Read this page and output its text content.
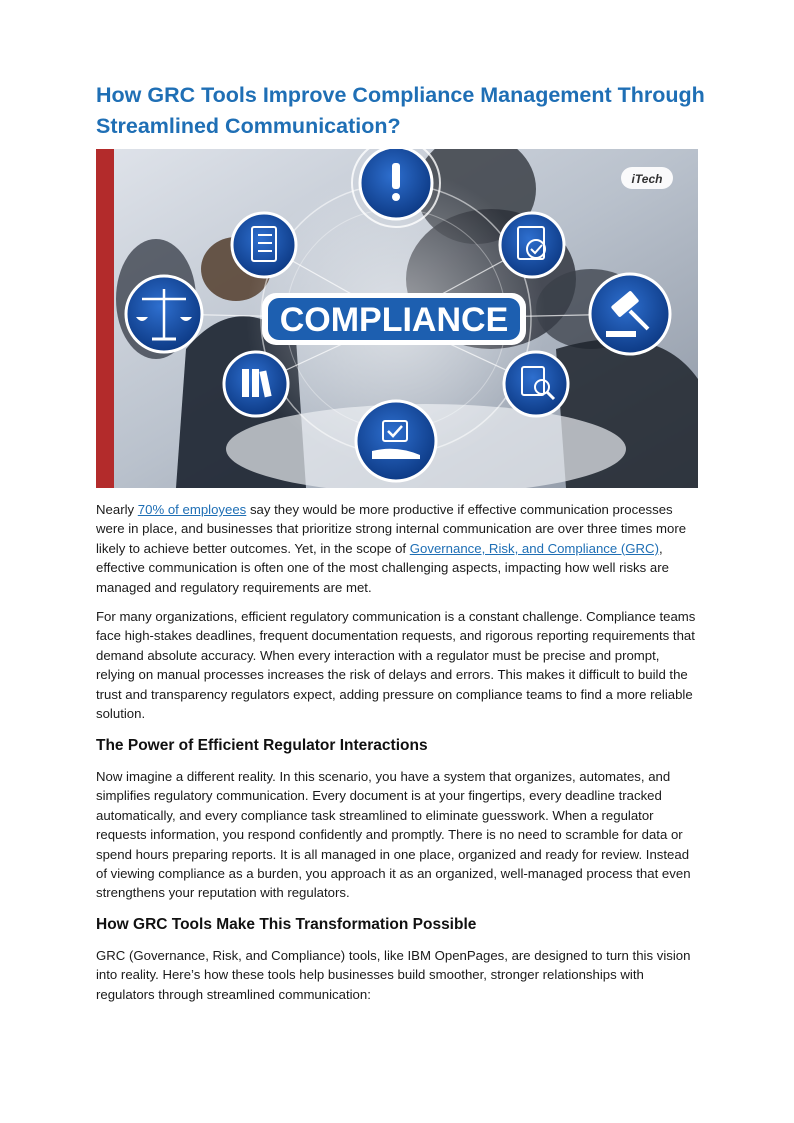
How GRC Tools Improve Compliance Management Through Streamlined Communication?
COMPLIANCE
iTech

Nearly 70% of employees say they would be more productive if effective communication processes were in place, and businesses that prioritize strong internal communication are over three times more likely to achieve better outcomes. Yet, in the scope of Governance, Risk, and Compliance (GRC), effective communication is often one of the most challenging aspects, impacting how well risks are managed and regulatory requirements are met.

For many organizations, efficient regulatory communication is a constant challenge. Compliance teams face high-stakes deadlines, frequent documentation requests, and rigorous reporting requirements that demand absolute accuracy. When every interaction with a regulator must be precise and prompt, relying on manual processes increases the risk of delays and errors. This makes it difficult to build the trust and transparency regulators expect, adding pressure on compliance teams to find a more reliable solution.

The Power of Efficient Regulator Interactions

Now imagine a different reality. In this scenario, you have a system that organizes, automates, and simplifies regulatory communication. Every document is at your fingertips, every deadline tracked automatically, and every compliance task streamlined to eliminate guesswork. When a regulator requests information, you respond confidently and promptly. There is no need to scramble for data or spend hours preparing reports. It is all managed in one place, organized and ready for review. Instead of viewing compliance as a burden, you approach it as an organized, well-managed process that even strengthens your reputation with regulators.

How GRC Tools Make This Transformation Possible

GRC (Governance, Risk, and Compliance) tools, like IBM OpenPages, are designed to turn this vision into reality. Here’s how these tools help businesses build smoother, stronger relationships with regulators through streamlined communication:
